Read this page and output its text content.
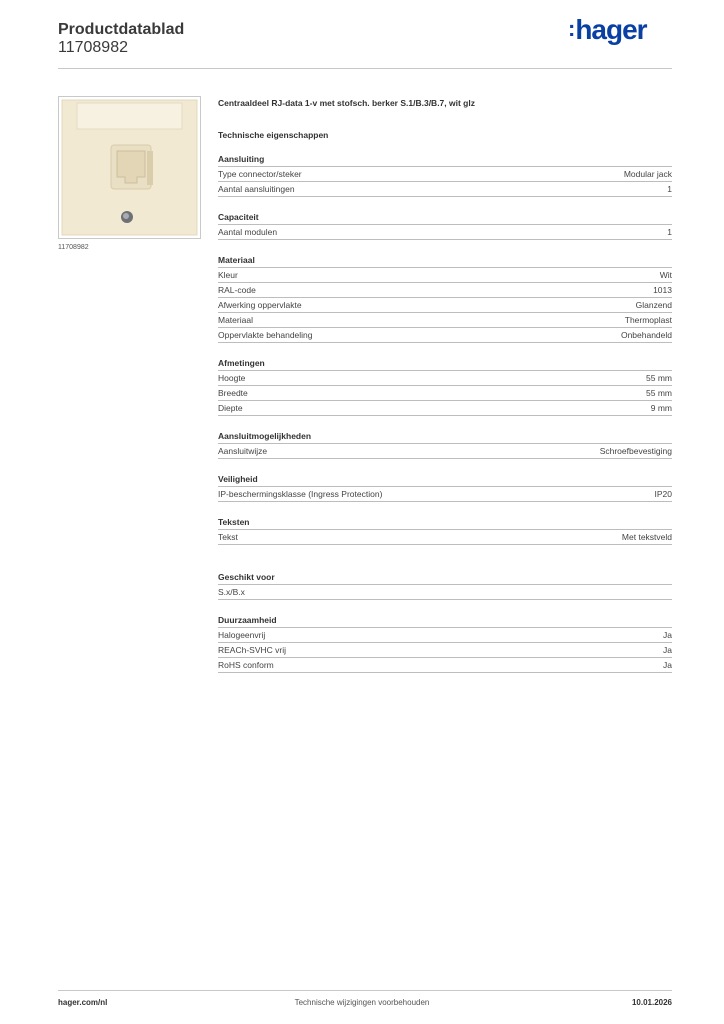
Productdatablad
11708982
:hager
11708982
Centraaldeel RJ-data 1-v met stofsch. berker S.1/B.3/B.7, wit glz
Technische eigenschappen
Aansluiting
Type connector/steker	Modular jack
Aantal aansluitingen	1
Capaciteit
Aantal modulen	1
Materiaal
Kleur	Wit
RAL-code	1013
Afwerking oppervlakte	Glanzend
Materiaal	Thermoplast
Oppervlakte behandeling	Onbehandeld
Afmetingen
Hoogte	55 mm
Breedte	55 mm
Diepte	9 mm
Aansluitmogelijkheden
Aansluitwijze	Schroefbevestiging
Veiligheid
IP-beschermingsklasse (Ingress Protection)	IP20
Teksten
Tekst	Met tekstveld
Geschikt voor
S.x/B.x
Duurzaamheid
Halogeenvrij	Ja
REACh-SVHC vrij	Ja
RoHS conform	Ja
hager.com/nl	Technische wijzigingen voorbehouden	10.01.2026
